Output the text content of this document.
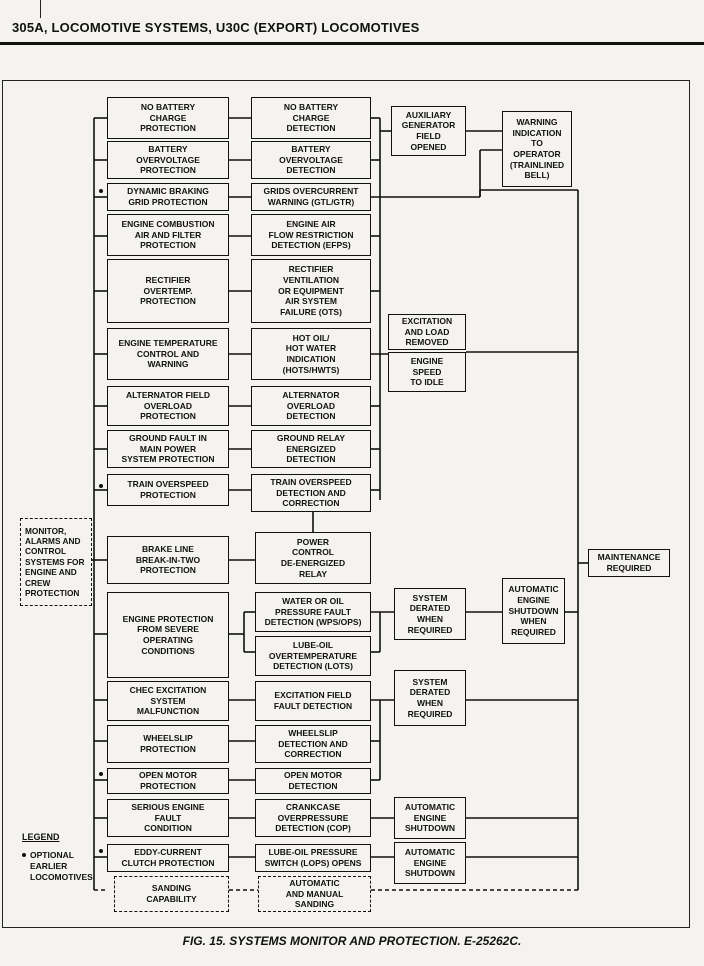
305A, LOCOMOTIVE SYSTEMS, U30C (EXPORT) LOCOMOTIVES
MONITOR,
ALARMS AND
CONTROL
SYSTEMS FOR
ENGINE AND
CREW
PROTECTION
NO BATTERY
CHARGE
PROTECTION
BATTERY
OVERVOLTAGE
PROTECTION
DYNAMIC BRAKING
GRID PROTECTION
ENGINE COMBUSTION
AIR AND FILTER
PROTECTION
RECTIFIER
OVERTEMP.
PROTECTION
ENGINE TEMPERATURE
CONTROL AND
WARNING
ALTERNATOR FIELD
OVERLOAD
PROTECTION
GROUND FAULT IN
MAIN POWER
SYSTEM PROTECTION
TRAIN OVERSPEED
PROTECTION
BRAKE LINE
BREAK-IN-TWO
PROTECTION
ENGINE PROTECTION
FROM SEVERE
OPERATING
CONDITIONS
CHEC EXCITATION
SYSTEM
MALFUNCTION
WHEELSLIP
PROTECTION
OPEN MOTOR
PROTECTION
SERIOUS ENGINE
FAULT
CONDITION
EDDY-CURRENT
CLUTCH PROTECTION
SANDING
CAPABILITY
NO BATTERY
CHARGE
DETECTION
BATTERY
OVERVOLTAGE
DETECTION
GRIDS OVERCURRENT
WARNING (GTL/GTR)
ENGINE AIR
FLOW RESTRICTION
DETECTION (EFPS)
RECTIFIER
VENTILATION
OR EQUIPMENT
AIR SYSTEM
FAILURE (OTS)
HOT OIL/
HOT WATER
INDICATION
(HOTS/HWTS)
ALTERNATOR
OVERLOAD
DETECTION
GROUND RELAY
ENERGIZED
DETECTION
TRAIN OVERSPEED
DETECTION AND
CORRECTION
POWER
CONTROL
DE-ENERGIZED
RELAY
WATER OR OIL
PRESSURE FAULT
DETECTION (WPS/OPS)
LUBE-OIL
OVERTEMPERATURE
DETECTION (LOTS)
EXCITATION FIELD
FAULT DETECTION
WHEELSLIP
DETECTION AND
CORRECTION
OPEN MOTOR
DETECTION
CRANKCASE
OVERPRESSURE
DETECTION (COP)
LUBE-OIL PRESSURE
SWITCH (LOPS) OPENS
AUTOMATIC
AND MANUAL
SANDING
AUXILIARY
GENERATOR
FIELD
OPENED
WARNING
INDICATION
TO
OPERATOR
(TRAINLINED
BELL)
EXCITATION
AND LOAD
REMOVED
ENGINE
SPEED
TO IDLE
SYSTEM
DERATED
WHEN
REQUIRED
AUTOMATIC
ENGINE
SHUTDOWN
WHEN
REQUIRED
SYSTEM
DERATED
WHEN
REQUIRED
AUTOMATIC
ENGINE
SHUTDOWN
AUTOMATIC
ENGINE
SHUTDOWN
MAINTENANCE
REQUIRED
LEGEND
OPTIONAL
EARLIER
LOCOMOTIVES
FIG. 15. SYSTEMS MONITOR AND PROTECTION. E-25262C.
